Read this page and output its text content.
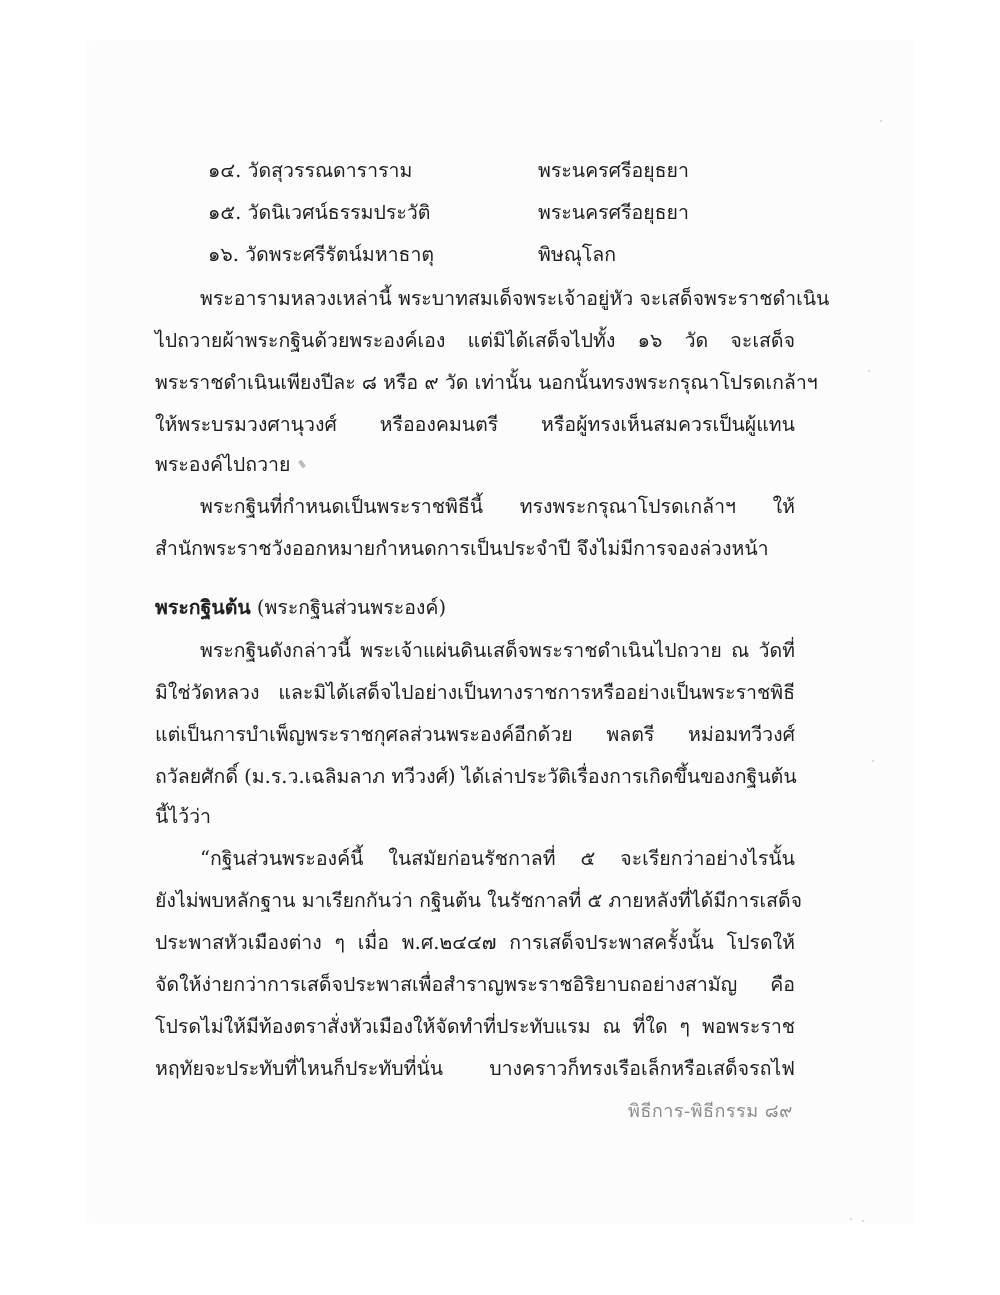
๑๔. วัดสุวรรณดาราราม	พระนครศรีอยุธยา
๑๕. วัดนิเวศน์ธรรมประวัติ	พระนครศรีอยุธยา
๑๖. วัดพระศรีรัตน์มหาธาตุ	พิษณุโลก
พระอารามหลวงเหล่านี้ พระบาทสมเด็จพระเจ้าอยู่หัว จะเสด็จพระราชดำเนิน
ไปถวายผ้าพระกฐินด้วยพระองค์เอง แต่มิได้เสด็จไปทั้ง ๑๖ วัด จะเสด็จ
พระราชดำเนินเพียงปีละ ๘ หรือ ๙ วัด เท่านั้น นอกนั้นทรงพระกรุณาโปรดเกล้าฯ
ให้พระบรมวงศานุวงศ์ หรือองคมนตรี หรือผู้ทรงเห็นสมควรเป็นผู้แทน
พระองค์ไปถวาย
พระกฐินที่กำหนดเป็นพระราชพิธีนี้ ทรงพระกรุณาโปรดเกล้าฯ ให้
สำนักพระราชวังออกหมายกำหนดการเป็นประจำปี จึงไม่มีการจองล่วงหน้า
พระกฐินต้น (พระกฐินส่วนพระองค์)
พระกฐินดังกล่าวนี้ พระเจ้าแผ่นดินเสด็จพระราชดำเนินไปถวาย ณ วัดที่
มิใช่วัดหลวง และมิได้เสด็จไปอย่างเป็นทางราชการหรืออย่างเป็นพระราชพิธี
แต่เป็นการบำเพ็ญพระราชกุศลส่วนพระองค์อีกด้วย พลตรี หม่อมทวีวงศ์
ถวัลยศักดิ์ (ม.ร.ว.เฉลิมลาภ ทวีวงศ์) ได้เล่าประวัติเรื่องการเกิดขึ้นของกฐินต้น
นี้ไว้ว่า
“กฐินส่วนพระองค์นี้ ในสมัยก่อนรัชกาลที่ ๕ จะเรียกว่าอย่างไรนั้น
ยังไม่พบหลักฐาน มาเรียกกันว่า กฐินต้น ในรัชกาลที่ ๕ ภายหลังที่ได้มีการเสด็จ
ประพาสหัวเมืองต่าง ๆ เมื่อ พ.ศ.๒๔๔๗ การเสด็จประพาสครั้งนั้น โปรดให้
จัดให้ง่ายกว่าการเสด็จประพาสเพื่อสำราญพระราชอิริยาบถอย่างสามัญ คือ
โปรดไม่ให้มีท้องตราสั่งหัวเมืองให้จัดทำที่ประทับแรม ณ ที่ใด ๆ พอพระราช
หฤทัยจะประทับที่ไหนก็ประทับที่นั่น บางคราวก็ทรงเรือเล็กหรือเสด็จรถไฟ
พิธีการ-พิธีกรรม ๘๙
